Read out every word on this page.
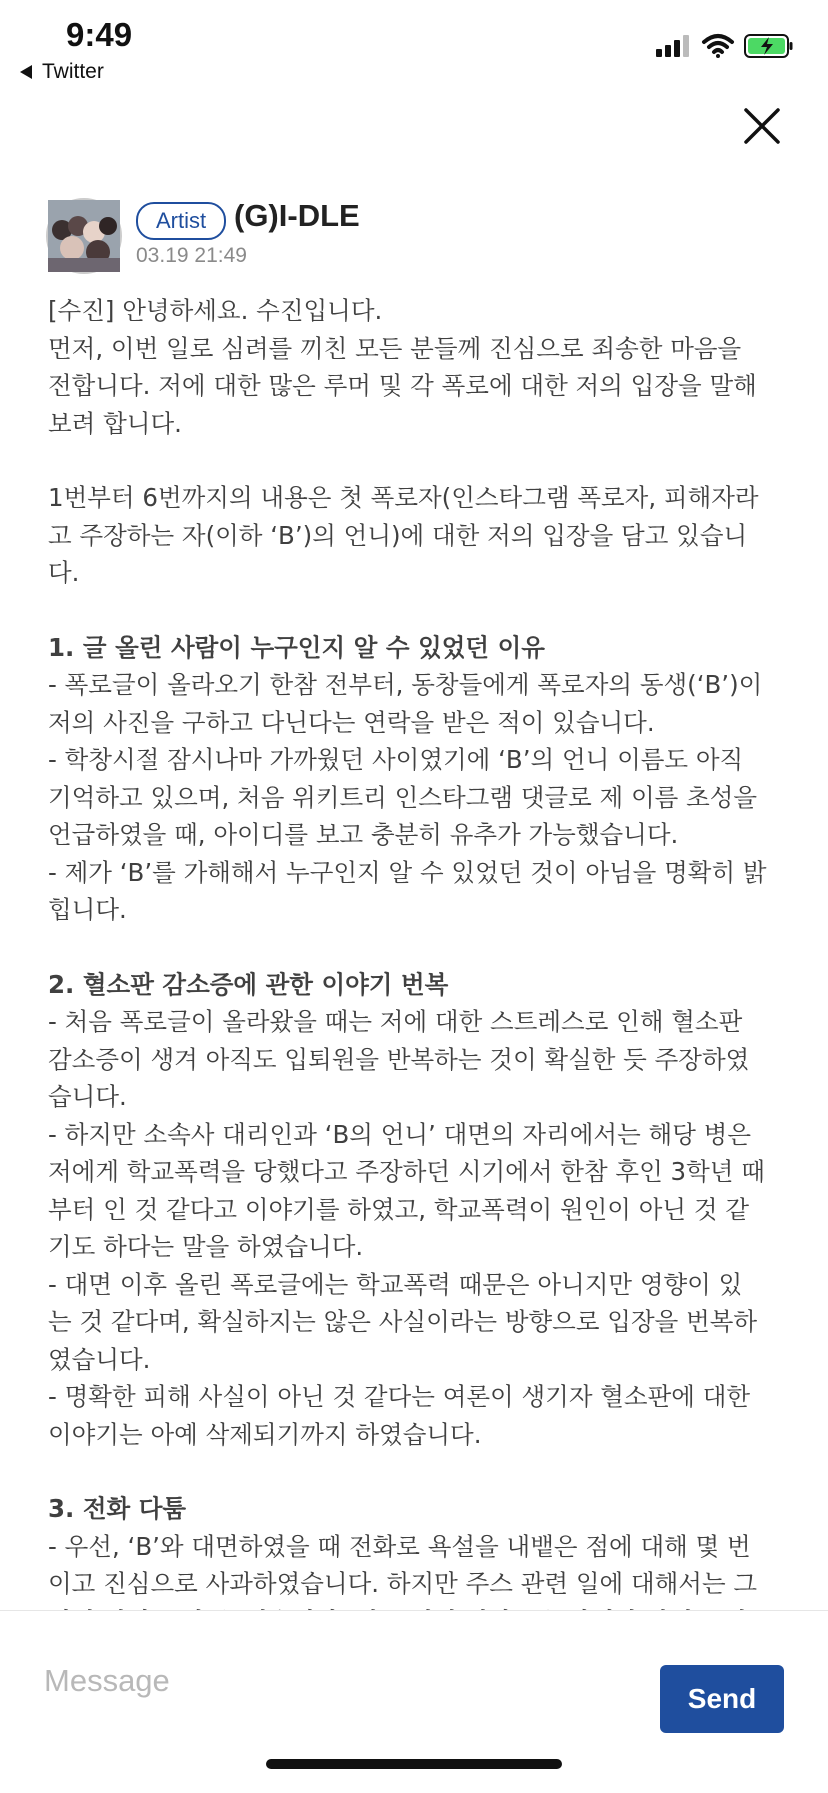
9:49
Twitter
Artist (G)I-DLE
03.19 21:49
[수진] 안녕하세요. 수진입니다.
먼저, 이번 일로 심려를 끼친 모든 분들께 진심으로 죄송한 마음을
전합니다. 저에 대한 많은 루머 및 각 폭로에 대한 저의 입장을 말해
보려 합니다.
1번부터 6번까지의 내용은 첫 폭로자(인스타그램 폭로자, 피해자라
고 주장하는 자(이하 ‘B’)의 언니)에 대한 저의 입장을 담고 있습니
다.
1. 글 올린 사람이 누구인지 알 수 있었던 이유
- 폭로글이 올라오기 한참 전부터, 동창들에게 폭로자의 동생(‘B’)이
저의 사진을 구하고 다닌다는 연락을 받은 적이 있습니다.
- 학창시절 잠시나마 가까웠던 사이였기에 ‘B’의 언니 이름도 아직
기억하고 있으며, 처음 위키트리 인스타그램 댓글로 제 이름 초성을
언급하였을 때, 아이디를 보고 충분히 유추가 가능했습니다.
- 제가 ‘B’를 가해해서 누구인지 알 수 있었던 것이 아님을 명확히 밝
힙니다.
2. 혈소판 감소증에 관한 이야기 번복
- 처음 폭로글이 올라왔을 때는 저에 대한 스트레스로 인해 혈소판
감소증이 생겨 아직도 입퇴원을 반복하는 것이 확실한 듯 주장하였
습니다.
- 하지만 소속사 대리인과 ‘B의 언니’ 대면의 자리에서는 해당 병은
저에게 학교폭력을 당했다고 주장하던 시기에서 한참 후인 3학년 때
부터 인 것 같다고 이야기를 하였고, 학교폭력이 원인이 아닌 것 같
기도 하다는 말을 하였습니다.
- 대면 이후 올린 폭로글에는 학교폭력 때문은 아니지만 영향이 있
는 것 같다며, 확실하지는 않은 사실이라는 방향으로 입장을 번복하
였습니다.
- 명확한 피해 사실이 아닌 것 같다는 여론이 생기자 혈소판에 대한
이야기는 아예 삭제되기까지 하였습니다.
3. 전화 다툼
- 우선, ‘B’와 대면하였을 때 전화로 욕설을 내뱉은 점에 대해 몇 번
이고 진심으로 사과하였습니다. 하지만 주스 관련 일에 대해서는 그
Message
Send
